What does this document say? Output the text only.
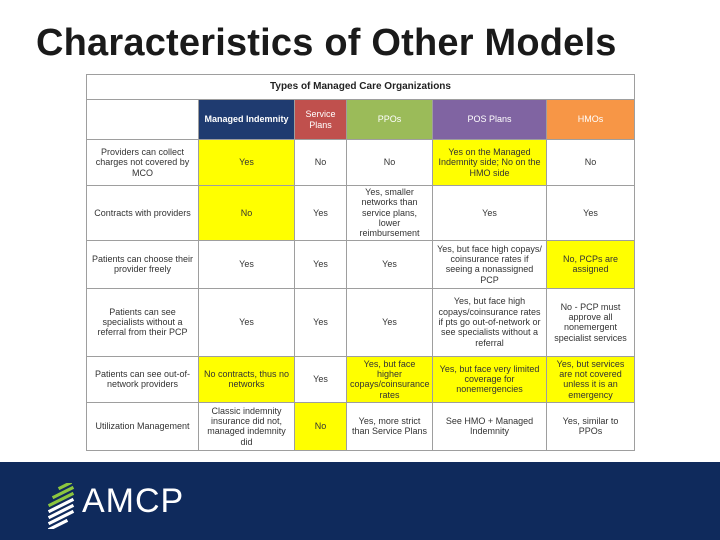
Characteristics of Other Models
Types of Managed Care Organizations					
	Managed Indemnity	Service Plans	PPOs	POS Plans	HMOs
Providers can collect charges not covered by MCO	Yes	No	No	Yes on the Managed Indemnity side; No on the HMO side	No
Contracts with providers	No	Yes	Yes, smaller networks than service plans, lower reimbursement	Yes	Yes
Patients can choose their provider freely	Yes	Yes	Yes	Yes, but face high copays/ coinsurance rates if seeing a nonassigned PCP	No, PCPs are assigned
Patients can see specialists without a referral from their PCP	Yes	Yes	Yes	Yes, but face high copays/coinsurance rates if pts go out-of-network or see specialists without a referral	No - PCP must approve all nonemergent specialist services
Patients can see out-of-network providers	No contracts, thus no networks	Yes	Yes, but face higher copays/coinsurance rates	Yes, but face very limited coverage for nonemergencies	Yes, but services are not covered unless it is an emergency
Utilization Management	Classic indemnity insurance did not, managed indemnity did	No	Yes, more strict than Service Plans	See HMO + Managed Indemnity	Yes, similar to PPOs
AMCP
